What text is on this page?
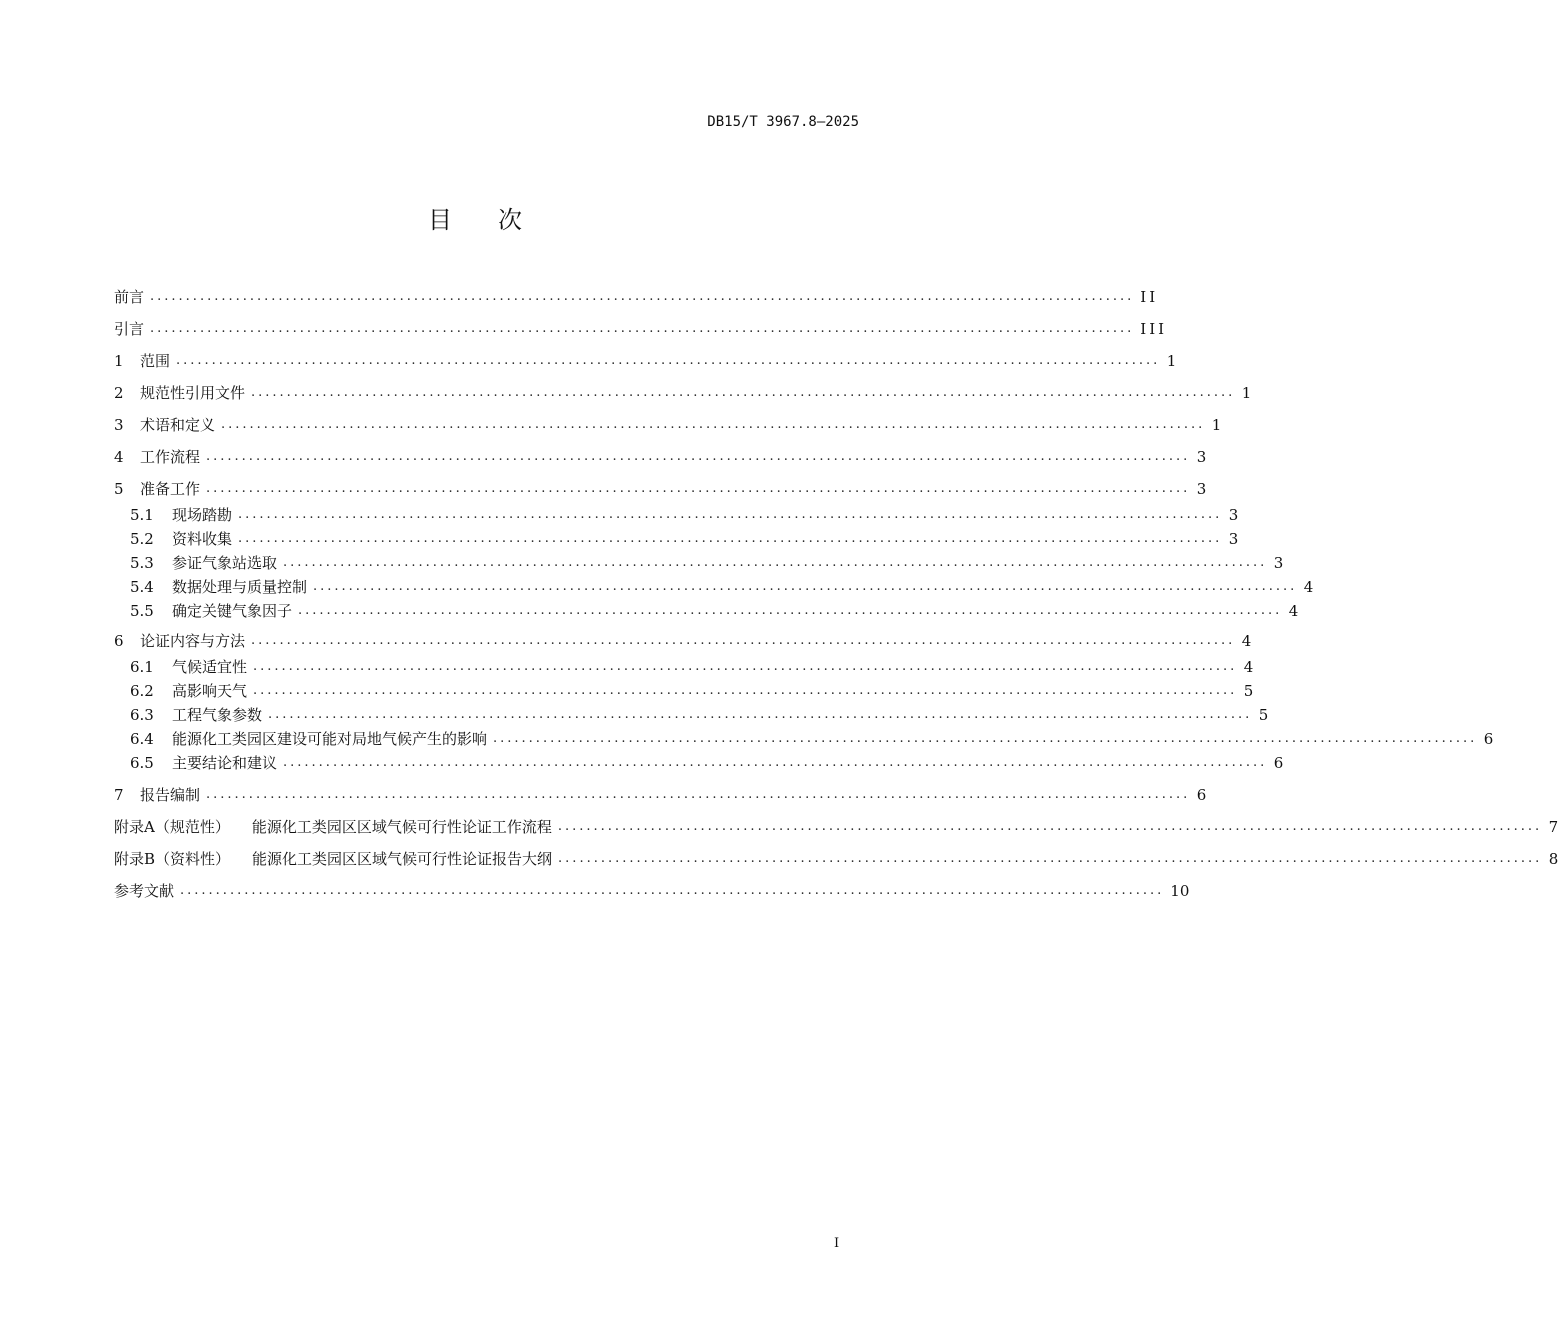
DB15/T 3967.8—2025
目 次
前言 .......................................................................................................................................... II
引言 .......................................................................................................................................... III
1	范围 .......................................................................................................................................... 1
2	规范性引用文件 .......................................................................................................................................... 1
3	术语和定义 .......................................................................................................................................... 1
4	工作流程 .......................................................................................................................................... 3
5	准备工作 .......................................................................................................................................... 3
5.1	现场踏勘 .......................................................................................................................................... 3
5.2	资料收集 .......................................................................................................................................... 3
5.3	参证气象站选取 .......................................................................................................................................... 3
5.4	数据处理与质量控制 .......................................................................................................................................... 4
5.5	确定关键气象因子 .......................................................................................................................................... 4
6	论证内容与方法 .......................................................................................................................................... 4
6.1	气候适宜性 .......................................................................................................................................... 4
6.2	高影响天气 .......................................................................................................................................... 5
6.3	工程气象参数 .......................................................................................................................................... 5
6.4	能源化工类园区建设可能对局地气候产生的影响 .......................................................................................................................................... 6
6.5	主要结论和建议 .......................................................................................................................................... 6
7	报告编制 .......................................................................................................................................... 6
附录A（规范性） 能源化工类园区区域气候可行性论证工作流程 .......................................................................................................................................... 7
附录B（资料性） 能源化工类园区区域气候可行性论证报告大纲 .......................................................................................................................................... 8
参考文献 .......................................................................................................................................... 10
I
